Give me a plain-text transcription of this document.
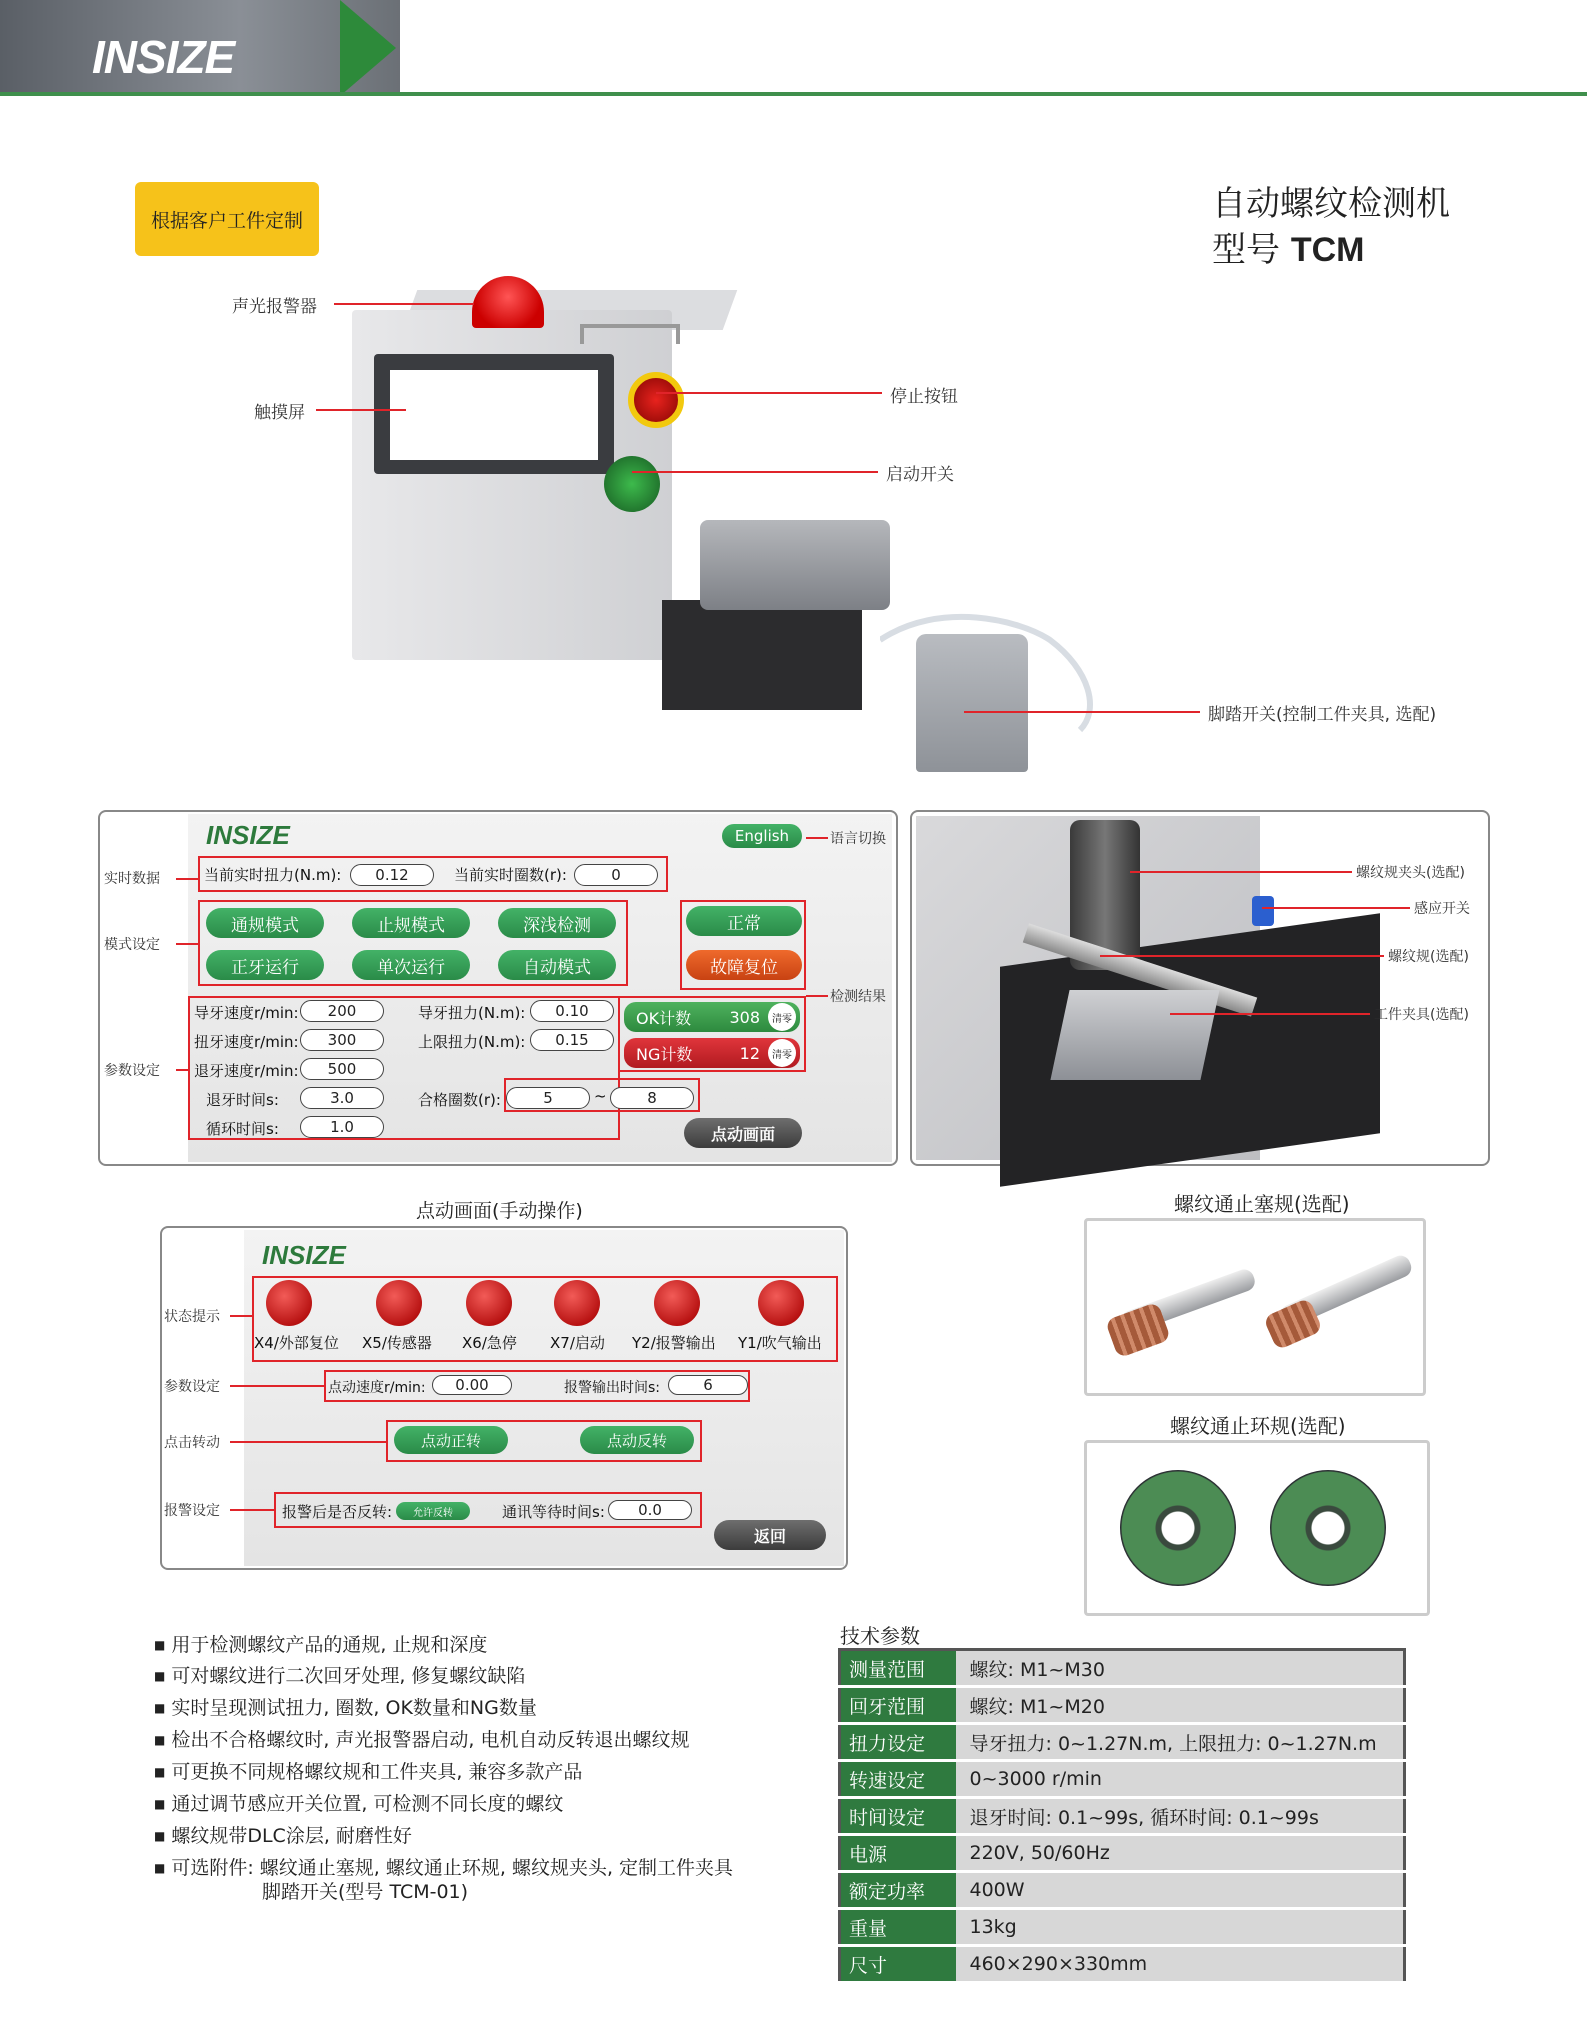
INSIZE
根据客户工件定制	自动螺纹检测机
型号 TCM
声光报警器
触摸屏
停止按钮
启动开关
脚踏开关(控制工件夹具, 选配)
INSIZE	English	语言切换
实时数据	当前实时扭力(N.m):	0.12	当前实时圈数(r):	0
模式设定
通规模式	止规模式	深浅检测
正牙运行	单次运行	自动模式
正常
故障复位
检测结果
参数设定
导牙速度r/min:	200
扭牙速度r/min:	300
退牙速度r/min:	500
退牙时间s:	3.0
循环时间s:	1.0
导牙扭力(N.m):	0.10
上限扭力(N.m):	0.15
合格圈数(r):	5	~	8
OK计数 308	清零
NG计数	12	清零
点动画面
螺纹规夹头(选配)
感应开关
螺纹规(选配)
工件夹具(选配)
点动画面(手动操作)
INSIZE
状态提示
X4/外部复位 X5/传感器 X6/急停 X7/启动 Y2/报警输出 Y1/吹气输出
参数设定	点动速度r/min:	0.00	报警输出时间s:	6
点击转动	点动正转	点动反转
报警设定	报警后是否反转:	允许反转	通讯等待时间s:	0.0
返回
螺纹通止塞规(选配)
螺纹通止环规(选配)
■ 用于检测螺纹产品的通规, 止规和深度
■ 可对螺纹进行二次回牙处理, 修复螺纹缺陷
■ 实时呈现测试扭力, 圈数, OK数量和NG数量
■ 检出不合格螺纹时, 声光报警器启动, 电机自动反转退出螺纹规
■ 可更换不同规格螺纹规和工件夹具, 兼容多款产品
■ 通过调节感应开关位置, 可检测不同长度的螺纹
■ 螺纹规带DLC涂层, 耐磨性好
■ 可选附件: 螺纹通止塞规, 螺纹通止环规, 螺纹规夹头, 定制工件夹具
脚踏开关(型号 TCM-01)
技术参数
测量范围	螺纹: M1~M30
回牙范围	螺纹: M1~M20
扭力设定	导牙扭力: 0~1.27N.m, 上限扭力: 0~1.27N.m
转速设定	0~3000 r/min
时间设定	退牙时间: 0.1~99s, 循环时间: 0.1~99s
电源	220V, 50/60Hz
额定功率	400W
重量	13kg
尺寸	460×290×330mm
